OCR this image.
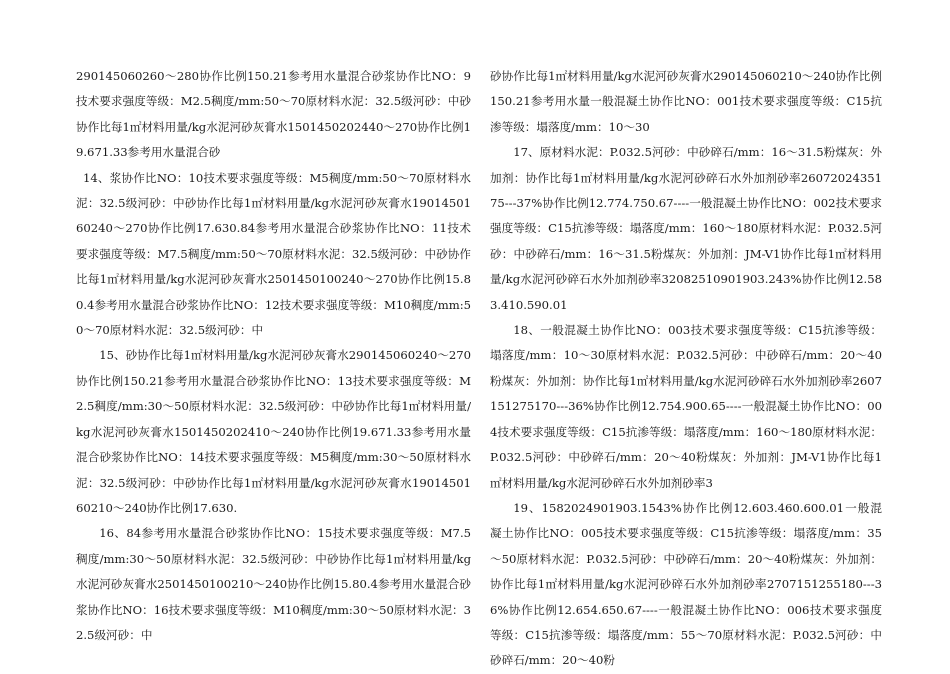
290145060260～280协作比例150.21参考用水量混合砂浆协作比NO：9技术要求强度等级：M2.5稠度/mm:50～70原材料水泥：32.5级河砂：中砂协作比每1㎡材料用量/kg水泥河砂灰膏水1501450202440～270协作比例19.671.33参考用水量混合砂

14、浆协作比NO：10技术要求强度等级：M5稠度/mm:50～70原材料水泥：32.5级河砂：中砂协作比每1㎡材料用量/kg水泥河砂灰膏水1901450160240～270协作比例17.630.84参考用水量混合砂浆协作比NO：11技术要求强度等级：M7.5稠度/mm:50～70原材料水泥：32.5级河砂：中砂协作比每1㎡材料用量/kg水泥河砂灰膏水2501450100240～270协作比例15.80.4参考用水量混合砂浆协作比NO：12技术要求强度等级：M10稠度/mm:50～70原材料水泥：32.5级河砂：中

15、砂协作比每1㎡材料用量/kg水泥河砂灰膏水290145060240～270协作比例150.21参考用水量混合砂浆协作比NO：13技术要求强度等级：M2.5稠度/mm:30～50原材料水泥：32.5级河砂：中砂协作比每1㎡材料用量/kg水泥河砂灰膏水1501450202410～240协作比例19.671.33参考用水量混合砂浆协作比NO：14技术要求强度等级：M5稠度/mm:30～50原材料水泥：32.5级河砂：中砂协作比每1㎡材料用量/kg水泥河砂灰膏水1901450160210～240协作比例17.630.

16、84参考用水量混合砂浆协作比NO：15技术要求强度等级：M7.5稠度/mm:30～50原材料水泥：32.5级河砂：中砂协作比每1㎡材料用量/kg水泥河砂灰膏水2501450100210～240协作比例15.80.4参考用水量混合砂浆协作比NO：16技术要求强度等级：M10稠度/mm:30～50原材料水泥：32.5级河砂：中

砂协作比每1㎡材料用量/kg水泥河砂灰膏水290145060210～240协作比例150.21参考用水量一般混凝土协作比NO：001技术要求强度等级：C15抗渗等级：塌落度/mm：10～30

17、原材料水泥：P.032.5河砂：中砂碎石/mm：16～31.5粉煤灰：外加剂：协作比每1㎡材料用量/kg水泥河砂碎石水外加剂砂率2607202435175---37%协作比例12.774.750.67----一般混凝土协作比NO：002技术要求强度等级：C15抗渗等级：塌落度/mm：160～180原材料水泥：P.032.5河砂：中砂碎石/mm：16～31.5粉煤灰：外加剂：JM-V1协作比每1㎡材料用量/kg水泥河砂碎石水外加剂砂率32082510901903.243%协作比例12.583.410.590.01

18、一般混凝土协作比NO：003技术要求强度等级：C15抗渗等级：塌落度/mm：10～30原材料水泥：P.032.5河砂：中砂碎石/mm：20～40粉煤灰：外加剂：协作比每1㎡材料用量/kg水泥河砂碎石水外加剂砂率2607151275170---36%协作比例12.754.900.65----一般混凝土协作比NO：004技术要求强度等级：C15抗渗等级：塌落度/mm：160～180原材料水泥：P.032.5河砂：中砂碎石/mm：20～40粉煤灰：外加剂：JM-V1协作比每1㎡材料用量/kg水泥河砂碎石水外加剂砂率3

19、1582024901903.1543%协作比例12.603.460.600.01一般混凝土协作比NO：005技术要求强度等级：C15抗渗等级：塌落度/mm：35～50原材料水泥：P.032.5河砂：中砂碎石/mm：20～40粉煤灰：外加剂：协作比每1㎡材料用量/kg水泥河砂碎石水外加剂砂率2707151255180---36%协作比例12.654.650.67----一般混凝土协作比NO：006技术要求强度等级：C15抗渗等级：塌落度/mm：55～70原材料水泥：P.032.5河砂：中砂碎石/mm：20～40粉
